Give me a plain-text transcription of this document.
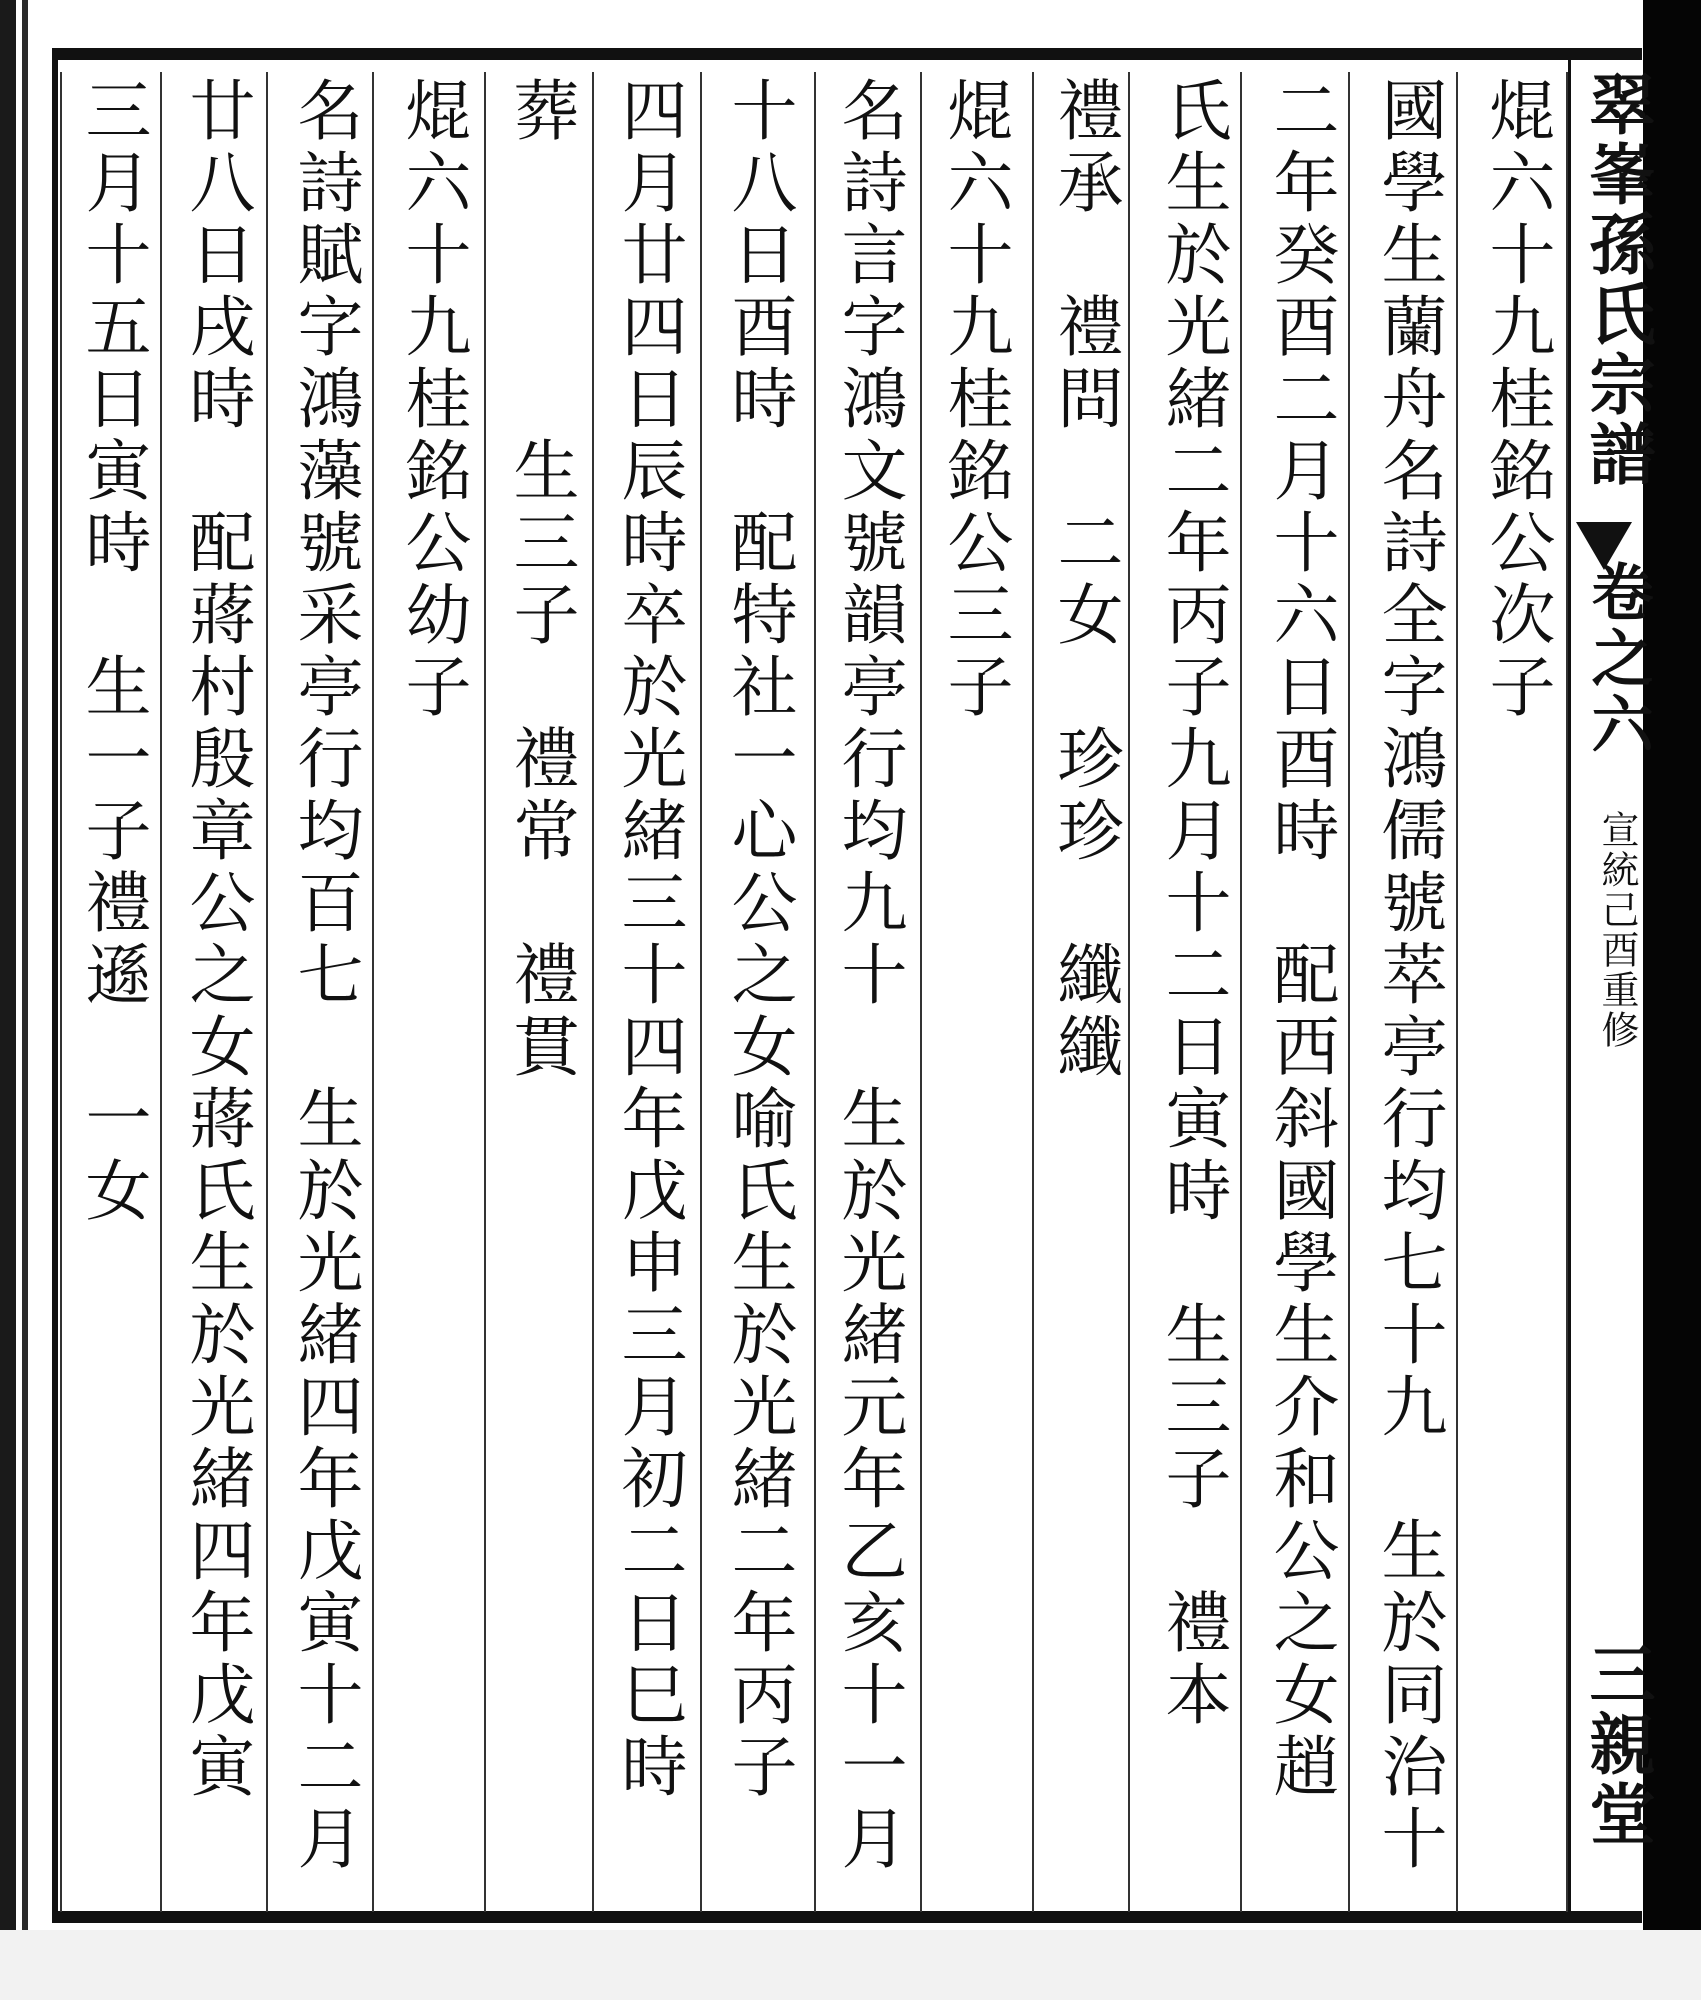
翠峯孫氏宗譜
卷之六
宣統己酉重修
三親堂
焜六十九桂銘公次子
國學生蘭舟名詩全字鴻儒號萃亭行均七十九　生於同治十
二年癸酉二月十六日酉時　配西斜國學生介和公之女趙
氏生於光緒二年丙子九月十二日寅時　生三子　禮本
禮承　禮問　二女　珍珍　纖纖
焜六十九桂銘公三子
名詩言字鴻文號韻亭行均九十　生於光緒元年乙亥十一月
十八日酉時　配特社一心公之女喻氏生於光緒二年丙子
四月廿四日辰時卒於光緒三十四年戊申三月初二日巳時
葬　　　　生三子　禮常　禮貫
焜六十九桂銘公幼子
名詩賦字鴻藻號采亭行均百七　生於光緒四年戊寅十二月
廿八日戌時　配蔣村殷章公之女蔣氏生於光緒四年戊寅
三月十五日寅時　生一子禮遜　一女
